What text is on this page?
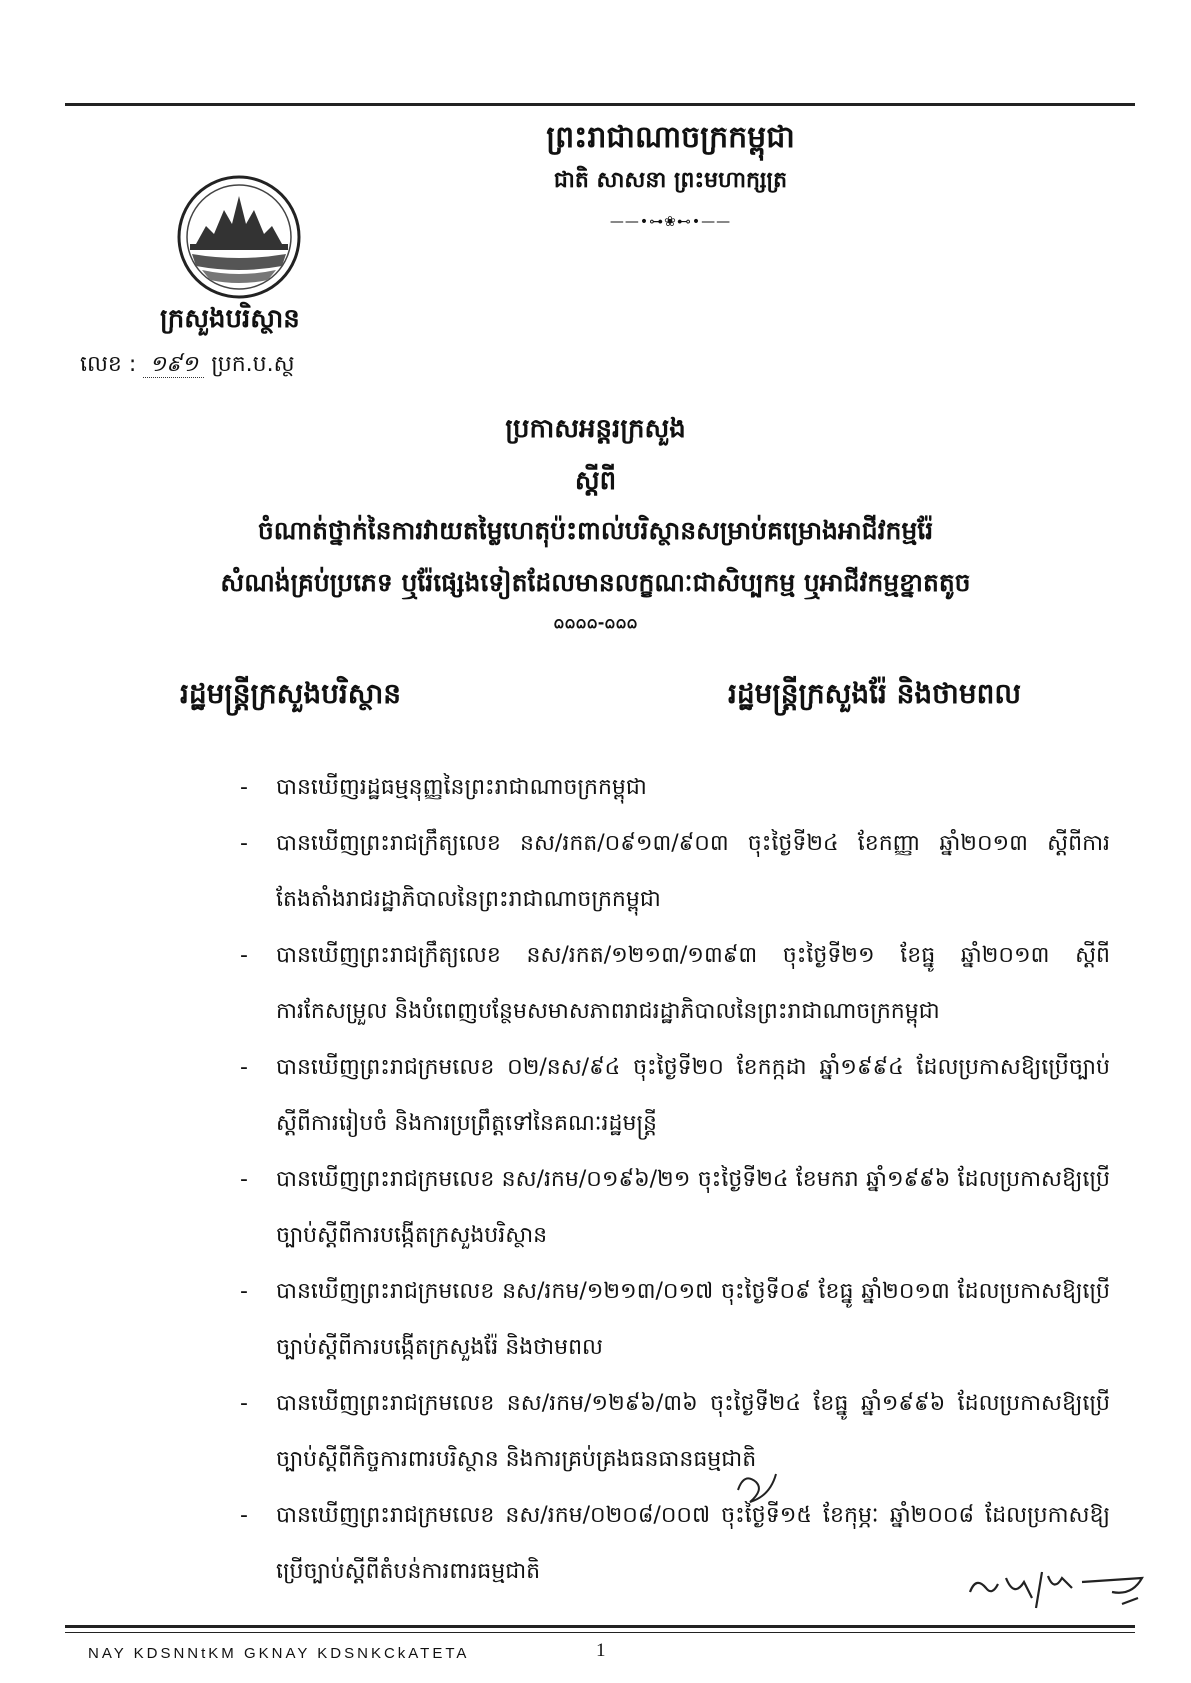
ព្រះរាជាណាចក្រកម្ពុជា
ជាតិ សាសនា ព្រះមហាក្សត្រ
——•⊶❀⊷•——
ក្រសួងបរិស្ថាន
លេខ : ១៩១ ប្រក.ប.ស្ថ
ប្រកាសអន្តរក្រសួង
ស្តីពី
ចំណាត់ថ្នាក់នៃការវាយតម្លៃហេតុប៉ះពាល់បរិស្ថានសម្រាប់គម្រោងអាជីវកម្មរ៉ែ
សំណង់គ្រប់ប្រភេទ ឬរ៉ែផ្សេងទៀតដែលមានលក្ខណៈជាសិប្បកម្ម ឬអាជីវកម្មខ្នាតតូច
ᨵᨵᨵᨵ-ᨵᨵᨵ
រដ្ឋមន្ត្រីក្រសួងបរិស្ថាន	រដ្ឋមន្ត្រីក្រសួងរ៉ែ និងថាមពល
- បានឃើញរដ្ឋធម្មនុញ្ញនៃព្រះរាជាណាចក្រកម្ពុជា
- បានឃើញព្រះរាជក្រឹត្យលេខ នស/រកត/០៩១៣/៩០៣ ចុះថ្ងៃទី២៤ ខែកញ្ញា ឆ្នាំ២០១៣ ស្តីពីការតែងតាំងរាជរដ្ឋាភិបាលនៃព្រះរាជាណាចក្រកម្ពុជា
- បានឃើញព្រះរាជក្រឹត្យលេខ នស/រកត/១២១៣/១៣៩៣ ចុះថ្ងៃទី២១ ខែធ្នូ ឆ្នាំ២០១៣ ស្តីពីការកែសម្រួល និងបំពេញបន្ថែមសមាសភាពរាជរដ្ឋាភិបាលនៃព្រះរាជាណាចក្រកម្ពុជា
- បានឃើញព្រះរាជក្រមលេខ ០២/នស/៩៤ ចុះថ្ងៃទី២០ ខែកក្កដា ឆ្នាំ១៩៩៤ ដែលប្រកាសឱ្យប្រើច្បាប់ស្តីពីការរៀបចំ និងការប្រព្រឹត្តទៅនៃគណៈរដ្ឋមន្ត្រី
- បានឃើញព្រះរាជក្រមលេខ នស/រកម/០១៩៦/២១ ចុះថ្ងៃទី២៤ ខែមករា ឆ្នាំ១៩៩៦ ដែលប្រកាសឱ្យប្រើច្បាប់ស្តីពីការបង្កើតក្រសួងបរិស្ថាន
- បានឃើញព្រះរាជក្រមលេខ នស/រកម/១២១៣/០១៧ ចុះថ្ងៃទី០៩ ខែធ្នូ ឆ្នាំ២០១៣ ដែលប្រកាសឱ្យប្រើច្បាប់ស្តីពីការបង្កើតក្រសួងរ៉ែ និងថាមពល
- បានឃើញព្រះរាជក្រមលេខ នស/រកម/១២៩៦/៣៦ ចុះថ្ងៃទី២៤ ខែធ្នូ ឆ្នាំ១៩៩៦ ដែលប្រកាសឱ្យប្រើច្បាប់ស្តីពីកិច្ចការពារបរិស្ថាន និងការគ្រប់គ្រងធនធានធម្មជាតិ
- បានឃើញព្រះរាជក្រមលេខ នស/រកម/០២០៨/០០៧ ចុះថ្ងៃទី១៥ ខែកុម្ភៈ ឆ្នាំ២០០៨ ដែលប្រកាសឱ្យប្រើច្បាប់ស្តីពីតំបន់ការពារធម្មជាតិ
NAY KDSNNtKM GKNAY KDSNKCkATETA	1
